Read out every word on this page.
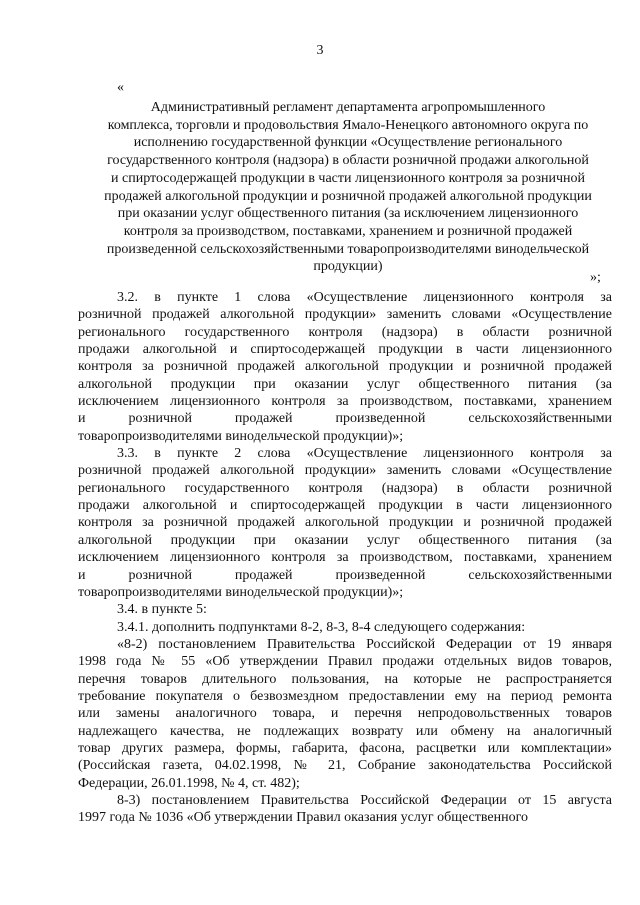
3
«
Административный регламент департамента агропромышленного
комплекса, торговли и продовольствия Ямало-Ненецкого автономного округа по
исполнению государственной функции «Осуществление регионального
государственного контроля (надзора) в области розничной продажи алкогольной
и спиртосодержащей продукции в части лицензионного контроля за розничной
продажей алкогольной продукции и розничной продажей алкогольной продукции
при оказании услуг общественного питания (за исключением лицензионного
контроля за производством, поставками, хранением и розничной продажей
произведенной сельскохозяйственными товаропроизводителями винодельческой
продукции)
»;
3.2. в пункте 1 слова «Осуществление лицензионного контроля за
розничной продажей алкогольной продукции» заменить словами «Осуществление
регионального государственного контроля (надзора) в области розничной
продажи алкогольной и спиртосодержащей продукции в части лицензионного
контроля за розничной продажей алкогольной продукции и розничной продажей
алкогольной продукции при оказании услуг общественного питания (за
исключением лицензионного контроля за производством, поставками, хранением
и розничной продажей произведенной сельскохозяйственными
товаропроизводителями винодельческой продукции)»;
3.3. в пункте 2 слова «Осуществление лицензионного контроля за
розничной продажей алкогольной продукции» заменить словами «Осуществление
регионального государственного контроля (надзора) в области розничной
продажи алкогольной и спиртосодержащей продукции в части лицензионного
контроля за розничной продажей алкогольной продукции и розничной продажей
алкогольной продукции при оказании услуг общественного питания (за
исключением лицензионного контроля за производством, поставками, хранением
и розничной продажей произведенной сельскохозяйственными
товаропроизводителями винодельческой продукции)»;
3.4. в пункте 5:
3.4.1. дополнить подпунктами 8-2, 8-3, 8-4 следующего содержания:
«8-2) постановлением Правительства Российской Федерации от 19 января
1998 года № 55 «Об утверждении Правил продажи отдельных видов товаров,
перечня товаров длительного пользования, на которые не распространяется
требование покупателя о безвозмездном предоставлении ему на период ремонта
или замены аналогичного товара, и перечня непродовольственных товаров
надлежащего качества, не подлежащих возврату или обмену на аналогичный
товар других размера, формы, габарита, фасона, расцветки или комплектации»
(Российская газета, 04.02.1998, № 21, Собрание законодательства Российской
Федерации, 26.01.1998, № 4, ст. 482);
8-3) постановлением Правительства Российской Федерации от 15 августа
1997 года № 1036 «Об утверждении Правил оказания услуг общественного
